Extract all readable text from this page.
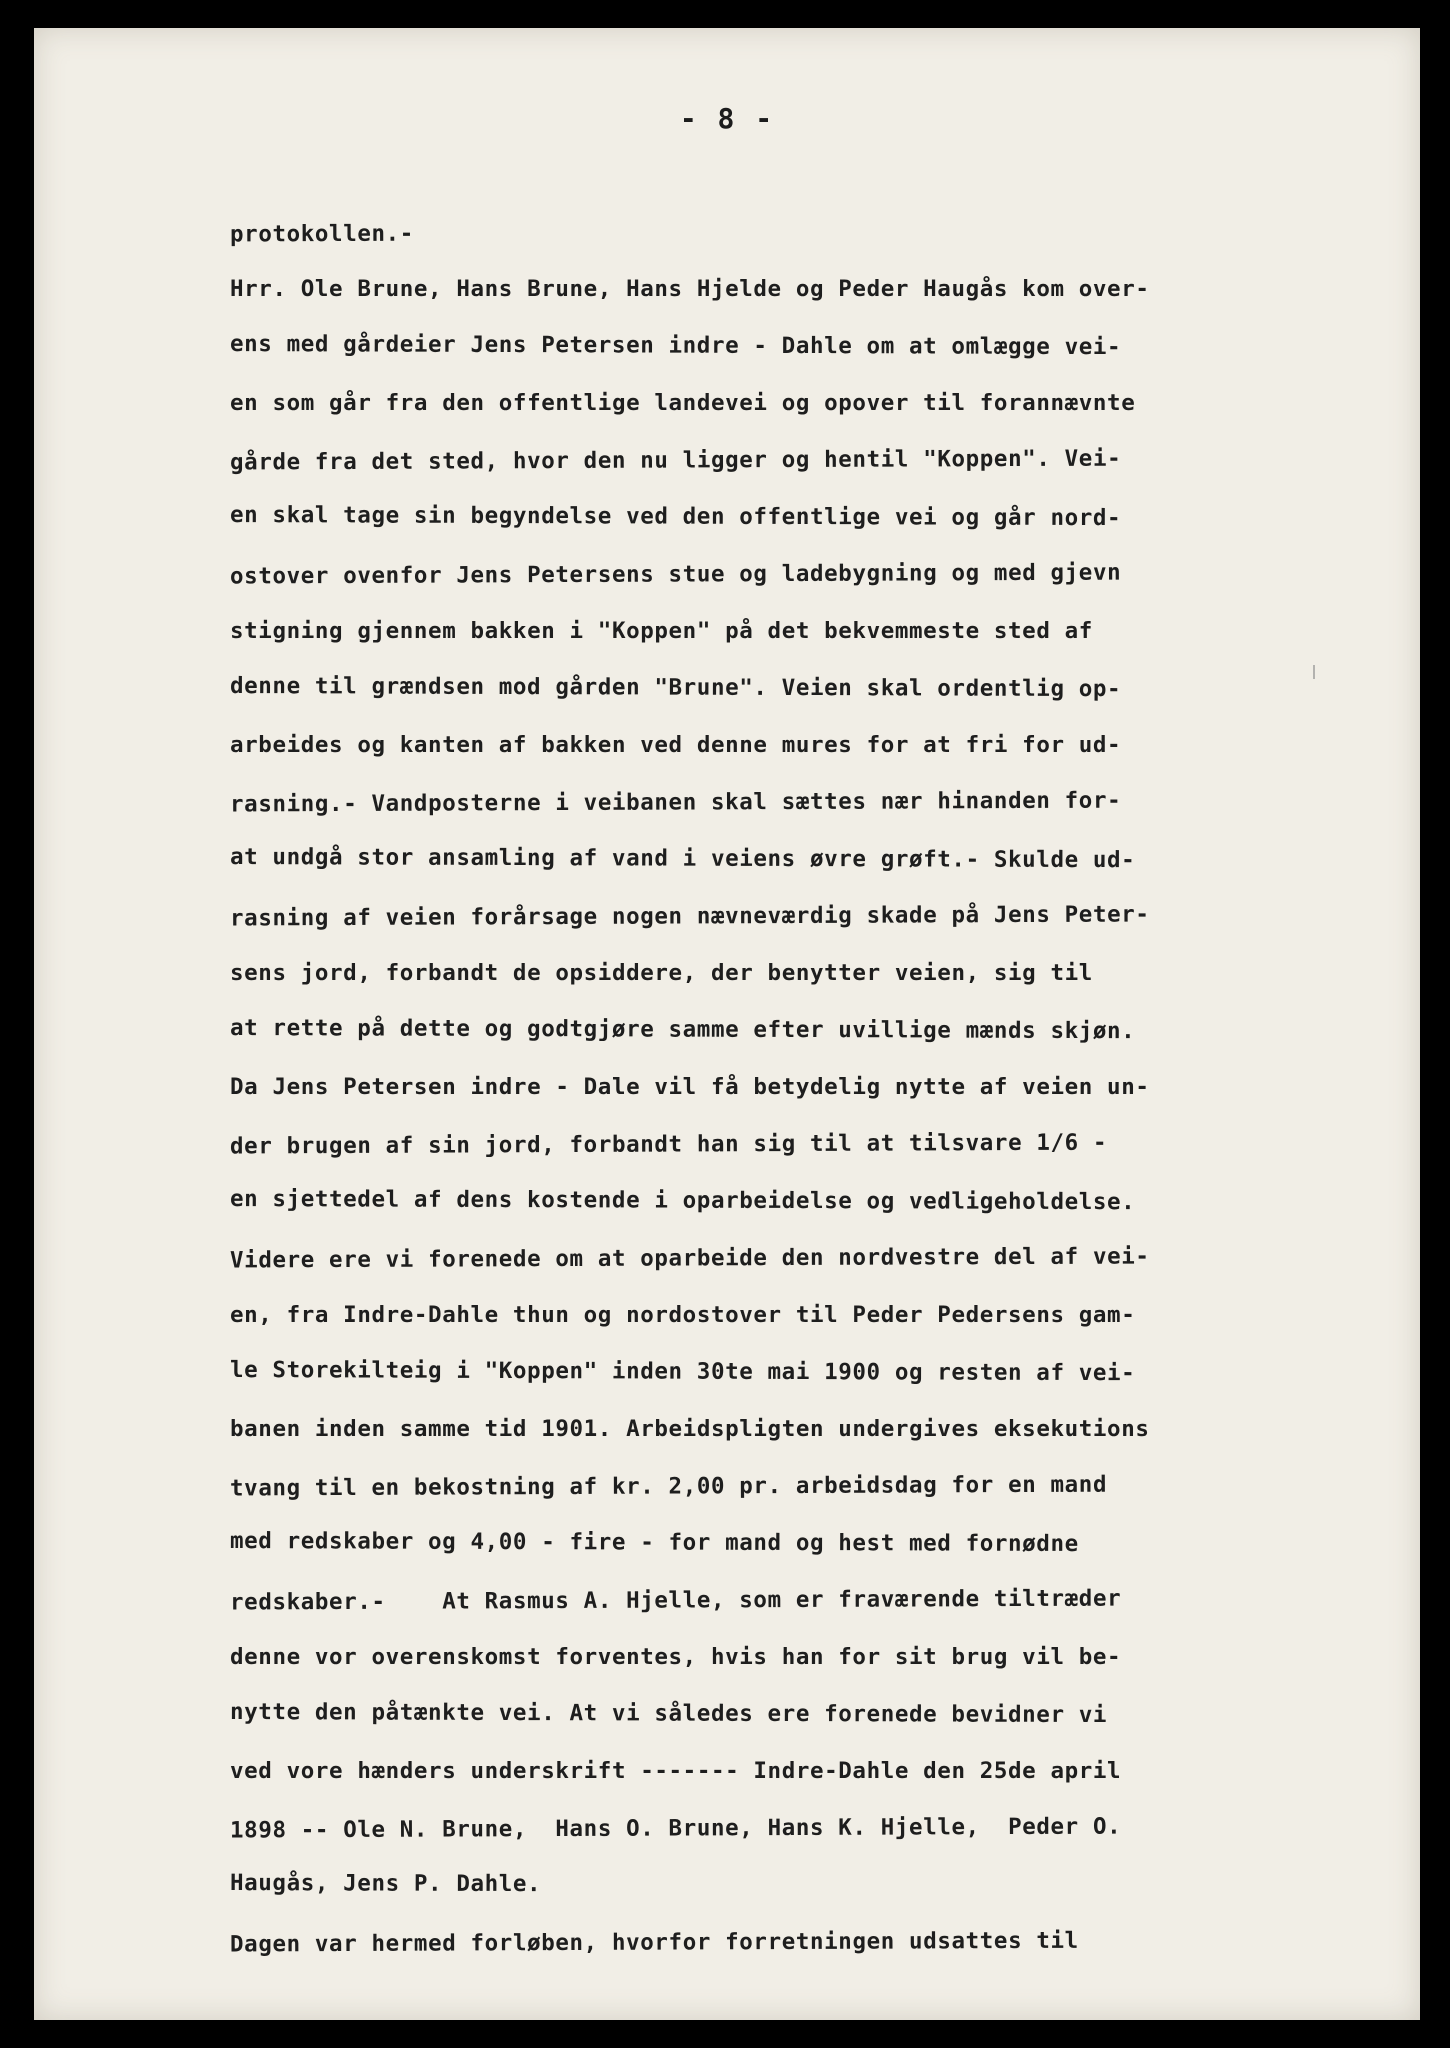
- 8 -
protokollen.-
Hrr. Ole Brune, Hans Brune, Hans Hjelde og Peder Haugås kom over-
ens med gårdeier Jens Petersen indre - Dahle om at omlægge vei-
en som går fra den offentlige landevei og opover til forannævnte
gårde fra det sted, hvor den nu ligger og hentil "Koppen". Vei-
en skal tage sin begyndelse ved den offentlige vei og går nord-
ostover ovenfor Jens Petersens stue og ladebygning og med gjevn
stigning gjennem bakken i "Koppen" på det bekvemmeste sted af
denne til grændsen mod gården "Brune". Veien skal ordentlig op-
arbeides og kanten af bakken ved denne mures for at fri for ud-
rasning.- Vandposterne i veibanen skal sættes nær hinanden for-
at undgå stor ansamling af vand i veiens øvre grøft.- Skulde ud-
rasning af veien forårsage nogen nævneværdig skade på Jens Peter-
sens jord, forbandt de opsiddere, der benytter veien, sig til
at rette på dette og godtgjøre samme efter uvillige mænds skjøn.
Da Jens Petersen indre - Dale vil få betydelig nytte af veien un-
der brugen af sin jord, forbandt han sig til at tilsvare 1/6 -
en sjettedel af dens kostende i oparbeidelse og vedligeholdelse.
Videre ere vi forenede om at oparbeide den nordvestre del af vei-
en, fra Indre-Dahle thun og nordostover til Peder Pedersens gam-
le Storekilteig i "Koppen" inden 30te mai 1900 og resten af vei-
banen inden samme tid 1901. Arbeidspligten undergives eksekutions
tvang til en bekostning af kr. 2,00 pr. arbeidsdag for en mand
med redskaber og 4,00 - fire - for mand og hest med fornødne
redskaber.-    At Rasmus A. Hjelle, som er fraværende tiltræder
denne vor overenskomst forventes, hvis han for sit brug vil be-
nytte den påtænkte vei. At vi således ere forenede bevidner vi
ved vore hænders underskrift ------- Indre-Dahle den 25de april
1898 -- Ole N. Brune,  Hans O. Brune, Hans K. Hjelle,  Peder O.
Haugås, Jens P. Dahle.
Dagen var hermed forløben, hvorfor forretningen udsattes til
